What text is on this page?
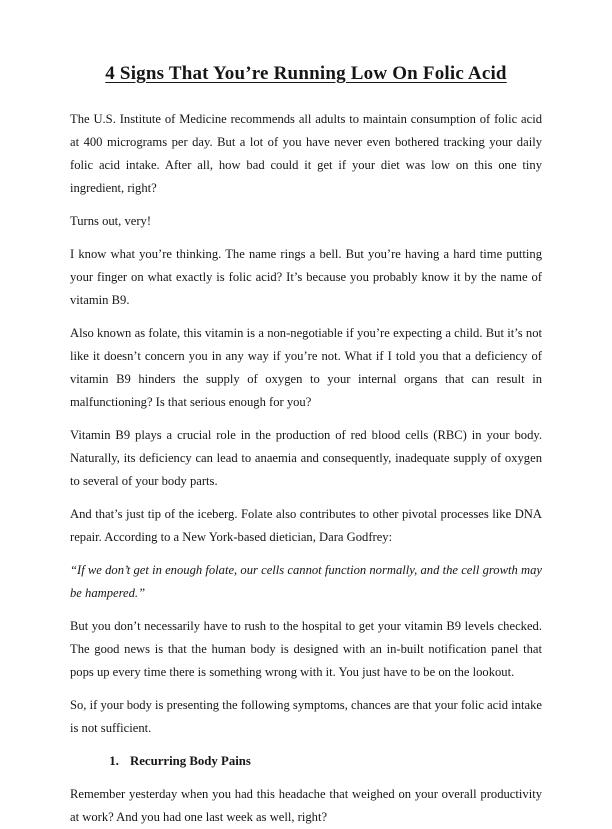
4 Signs That You’re Running Low On Folic Acid

The U.S. Institute of Medicine recommends all adults to maintain consumption of folic acid at 400 micrograms per day. But a lot of you have never even bothered tracking your daily folic acid intake. After all, how bad could it get if your diet was low on this one tiny ingredient, right?

Turns out, very!

I know what you’re thinking. The name rings a bell. But you’re having a hard time putting your finger on what exactly is folic acid? It’s because you probably know it by the name of vitamin B9.

Also known as folate, this vitamin is a non-negotiable if you’re expecting a child. But it’s not like it doesn’t concern you in any way if you’re not. What if I told you that a deficiency of vitamin B9 hinders the supply of oxygen to your internal organs that can result in malfunctioning? Is that serious enough for you?

Vitamin B9 plays a crucial role in the production of red blood cells (RBC) in your body. Naturally, its deficiency can lead to anaemia and consequently, inadequate supply of oxygen to several of your body parts.

And that’s just tip of the iceberg. Folate also contributes to other pivotal processes like DNA repair. According to a New York-based dietician, Dara Godfrey:

“If we don’t get in enough folate, our cells cannot function normally, and the cell growth may be hampered.”

But you don’t necessarily have to rush to the hospital to get your vitamin B9 levels checked. The good news is that the human body is designed with an in-built notification panel that pops up every time there is something wrong with it. You just have to be on the lookout.

So, if your body is presenting the following symptoms, chances are that your folic acid intake is not sufficient.

1. Recurring Body Pains

Remember yesterday when you had this headache that weighed on your overall productivity at work? And you had one last week as well, right?
